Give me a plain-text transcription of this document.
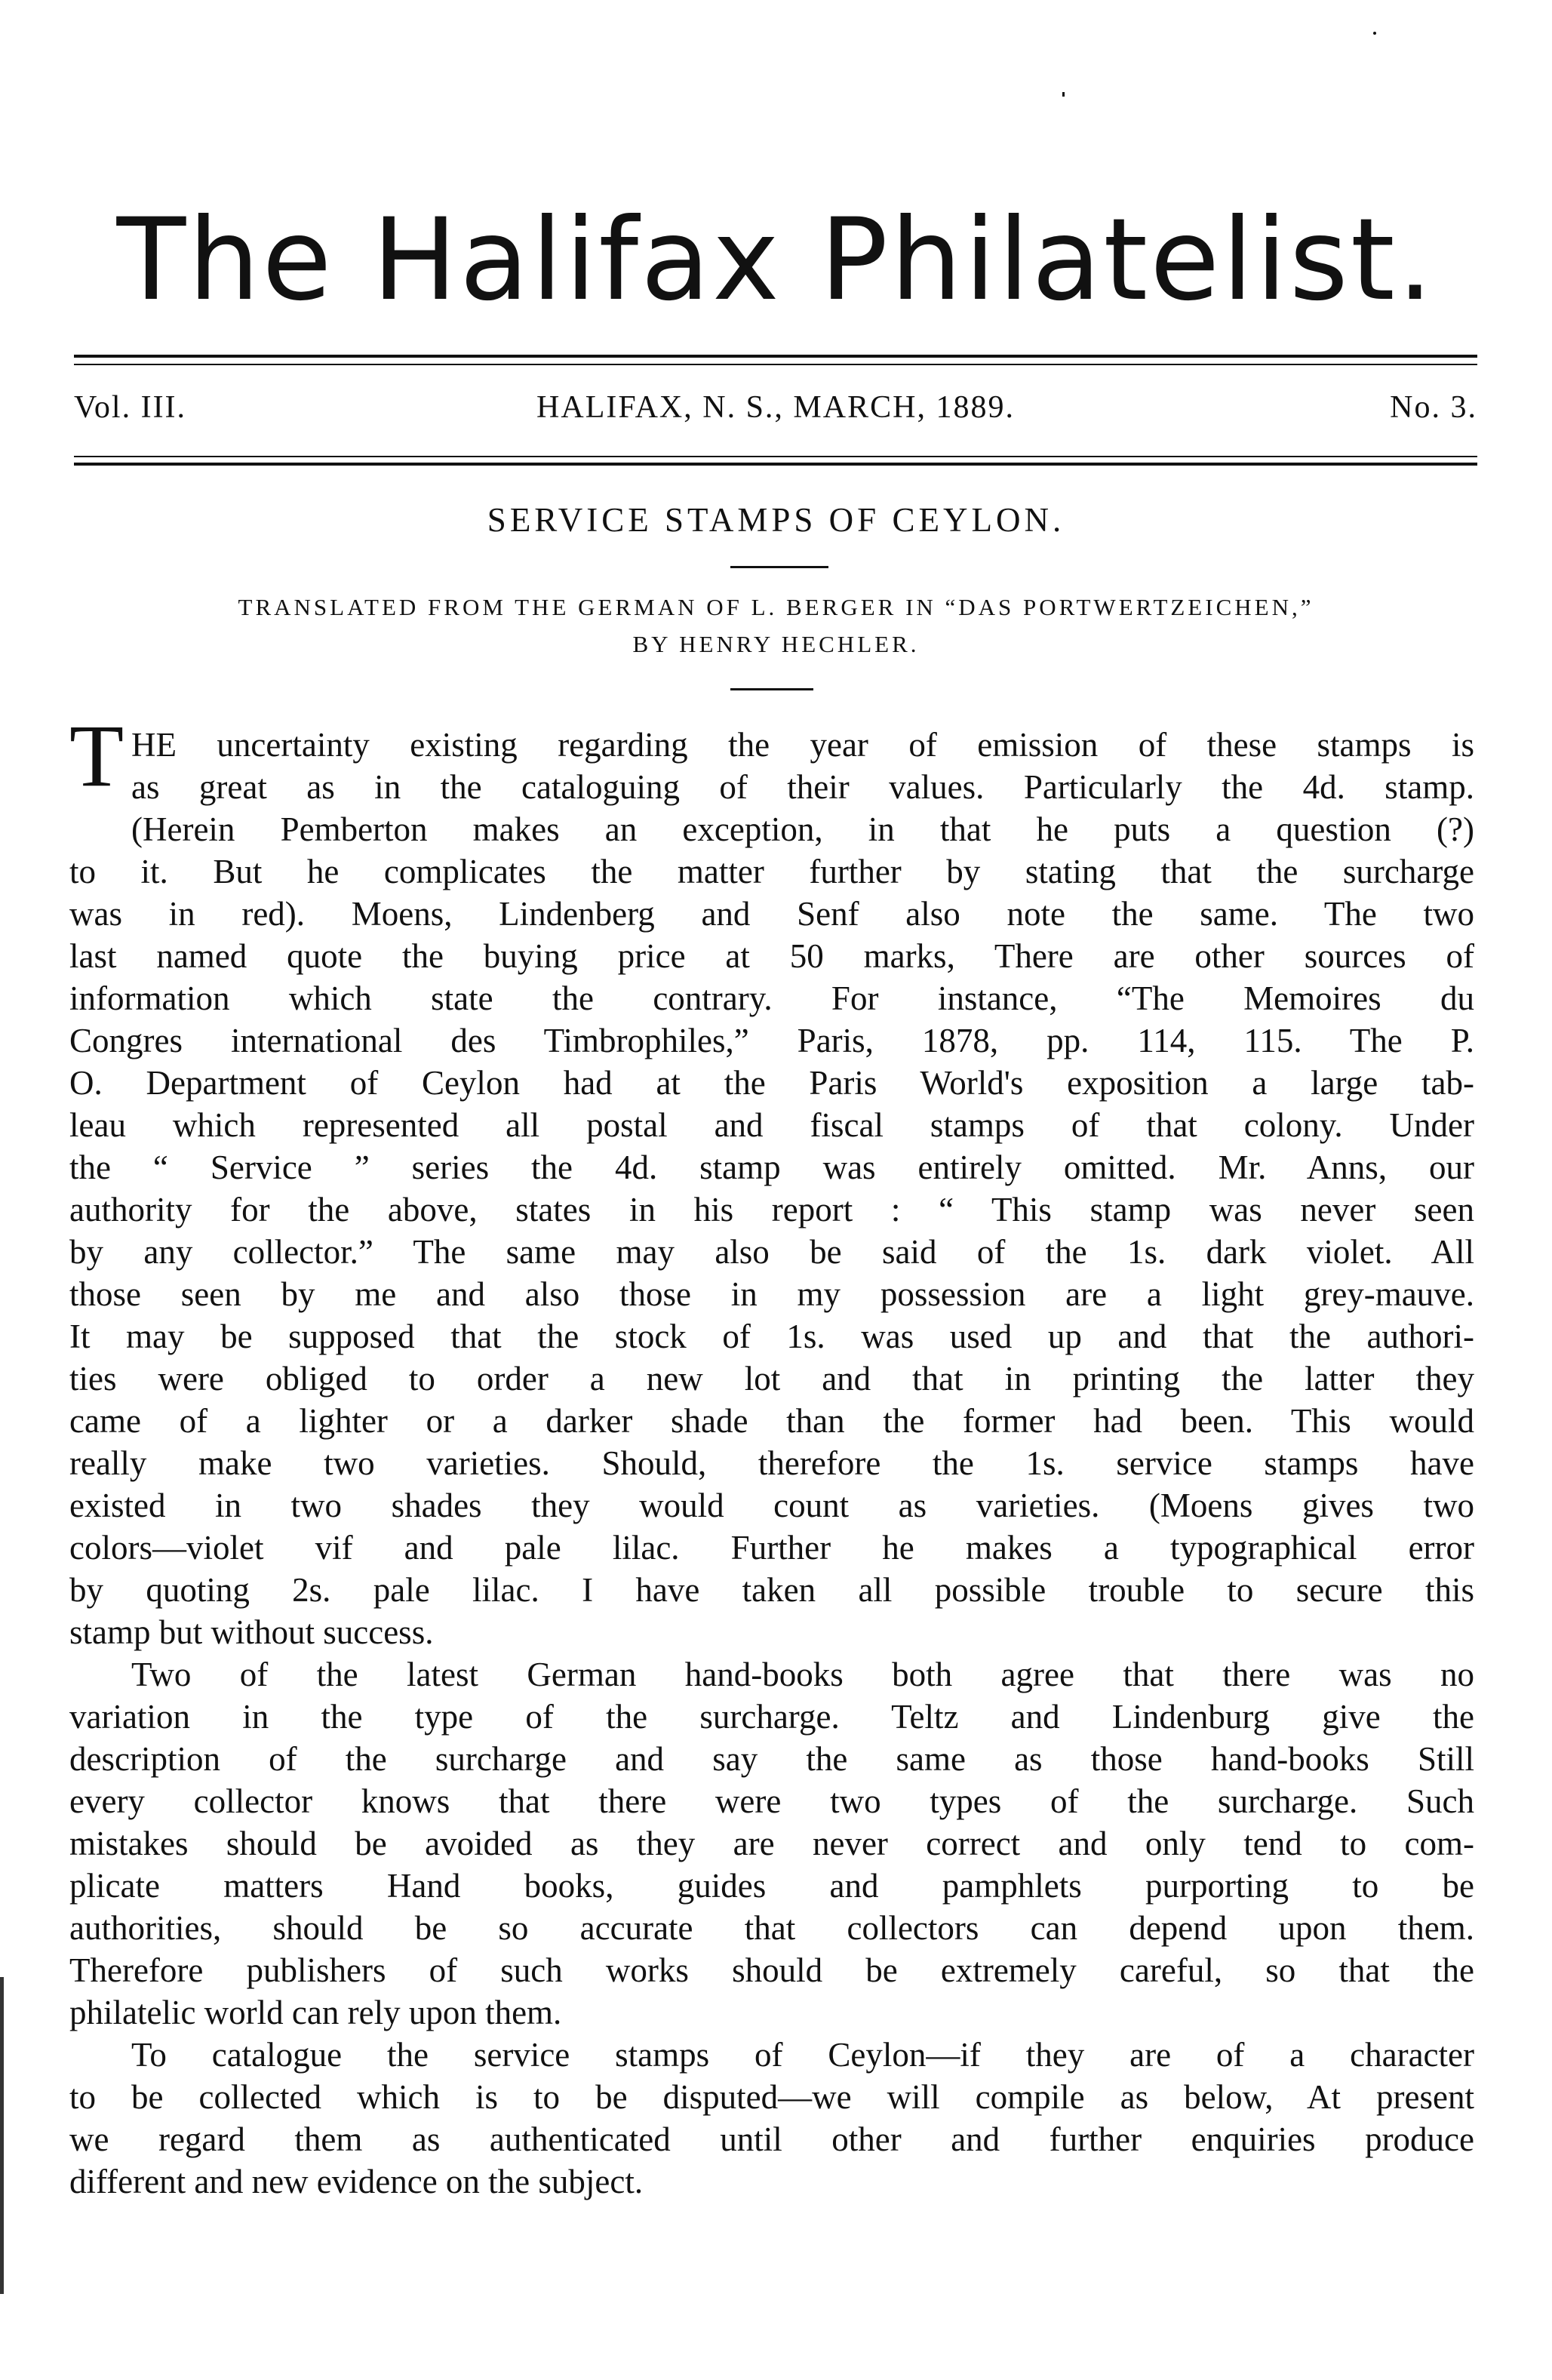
The Halifax Philatelist.
Vol. III.	HALIFAX, N. S., MARCH, 1889.	No. 3.
SERVICE STAMPS OF CEYLON.
TRANSLATED FROM THE GERMAN OF L. BERGER IN “DAS PORTWERTZEICHEN,”
BY HENRY HECHLER.
T HE uncertainty existing regarding the year of emission of these stamps is
as great as in the cataloguing of their values. Particularly the 4d. stamp.
(Herein Pemberton makes an exception, in that he puts a question (?)
to it. But he complicates the matter further by stating that the surcharge
was in red). Moens, Lindenberg and Senf also note the same. The two
last named quote the buying price at 50 marks, There are other sources of
information which state the contrary. For instance, “The Memoires du
Congres international des Timbrophiles,” Paris, 1878, pp. 114, 115. The P.
O. Department of Ceylon had at the Paris World's exposition a large tab-
leau which represented all postal and fiscal stamps of that colony. Under
the “ Service ” series the 4d. stamp was entirely omitted. Mr. Anns, our
authority for the above, states in his report : “ This stamp was never seen
by any collector.” The same may also be said of the 1s. dark violet. All
those seen by me and also those in my possession are a light grey-mauve.
It may be supposed that the stock of 1s. was used up and that the authori-
ties were obliged to order a new lot and that in printing the latter they
came of a lighter or a darker shade than the former had been. This would
really make two varieties. Should, therefore the 1s. service stamps have
existed in two shades they would count as varieties. (Moens gives two
colors—violet vif and pale lilac. Further he makes a typographical error
by quoting 2s. pale lilac. I have taken all possible trouble to secure this
stamp but without success.
Two of the latest German hand-books both agree that there was no
variation in the type of the surcharge. Teltz and Lindenburg give the
description of the surcharge and say the same as those hand-books Still
every collector knows that there were two types of the surcharge. Such
mistakes should be avoided as they are never correct and only tend to com-
plicate matters Hand books, guides and pamphlets purporting to be
authorities, should be so accurate that collectors can depend upon them.
Therefore publishers of such works should be extremely careful, so that the
philatelic world can rely upon them.
To catalogue the service stamps of Ceylon—if they are of a character
to be collected which is to be disputed—we will compile as below, At present
we regard them as authenticated until other and further enquiries produce
different and new evidence on the subject.
